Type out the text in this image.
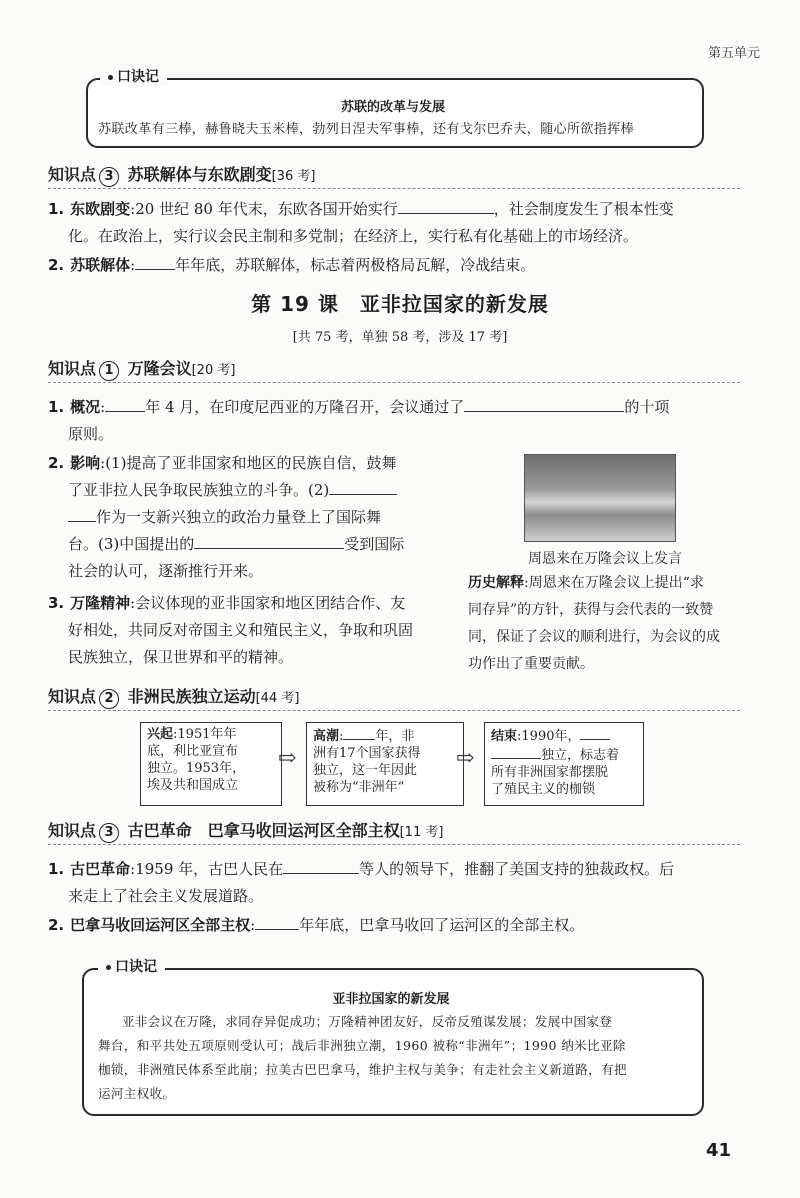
第五单元
口诀记
苏联的改革与发展
苏联改革有三棒，赫鲁晓夫玉米棒，勃列日涅夫军事棒，还有戈尔巴乔夫，随心所欲指挥棒
知识点 3 苏联解体与东欧剧变[36 考]
1. 东欧剧变:20 世纪 80 年代末，东欧各国开始实行	，社会制度发生了根本性变
化。在政治上，实行议会民主制和多党制；在经济上，实行私有化基础上的市场经济。
2. 苏联解体:	年年底，苏联解体，标志着两极格局瓦解，冷战结束。
第 19 课　亚非拉国家的新发展
[共 75 考，单独 58 考，涉及 17 考]
知识点 1 万隆会议[20 考]
1. 概况:	年 4 月，在印度尼西亚的万隆召开，会议通过了	的十项
原则。
2. 影响:(1)提高了亚非国家和地区的民族自信，鼓舞
了亚非拉人民争取民族独立的斗争。(2)
作为一支新兴独立的政治力量登上了国际舞
台。(3)中国提出的	受到国际
社会的认可，逐渐推行开来。
周恩来在万隆会议上发言
历史解释:周恩来在万隆会议上提出“求
同存异”的方针，获得与会代表的一致赞
同，保证了会议的顺利进行，为会议的成
功作出了重要贡献。
3. 万隆精神:会议体现的亚非国家和地区团结合作、友
好相处，共同反对帝国主义和殖民主义，争取和巩固
民族独立，保卫世界和平的精神。
知识点 2 非洲民族独立运动[44 考]
兴起:1951年年
底，利比亚宣布
独立。1953年，
埃及共和国成立
⇨
高潮: 年，非
洲有17个国家获得
独立，这一年因此
被称为“非洲年”
⇨
结束:1990年，
独立，标志着
所有非洲国家都摆脱
了殖民主义的枷锁
知识点 3 古巴革命　巴拿马收回运河区全部主权[11 考]
1. 古巴革命:1959 年，古巴人民在	等人的领导下，推翻了美国支持的独裁政权。后
来走上了社会主义发展道路。
2. 巴拿马收回运河区全部主权:	年年底，巴拿马收回了运河区的全部主权。
口诀记
亚非拉国家的新发展
亚非会议在万隆，求同存异促成功；万隆精神团友好，反帝反殖谋发展；发展中国家登
舞台，和平共处五项原则受认可；战后非洲独立潮，1960 被称“非洲年”；1990 纳米比亚除
枷锁，非洲殖民体系至此崩；拉美古巴巴拿马，维护主权与美争；有走社会主义新道路，有把
运河主权收。
41
